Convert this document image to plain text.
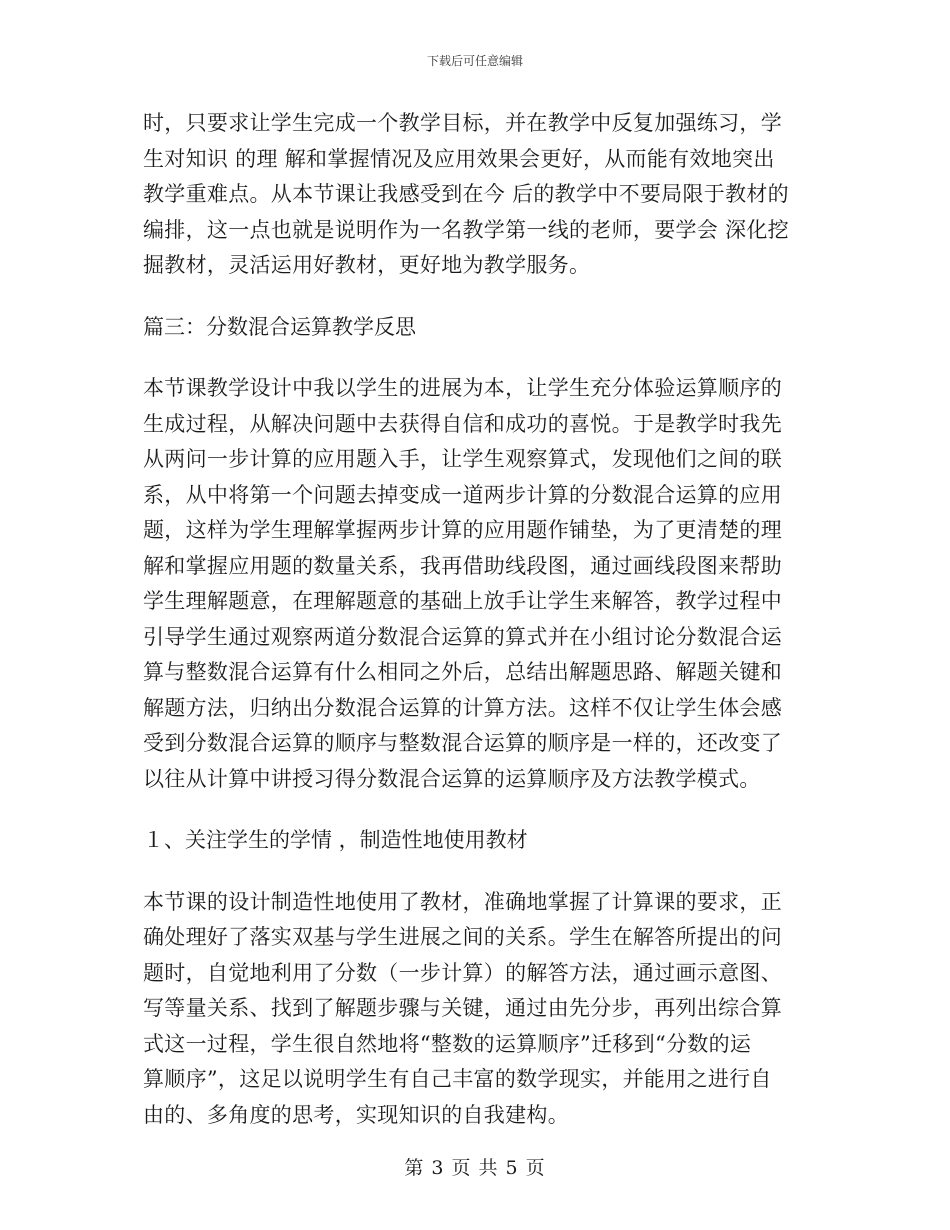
下载后可任意编辑
时，只要求让学生完成一个教学目标，并在教学中反复加强练习，学
生对知识 的理 解和掌握情况及应用效果会更好，从而能有效地突出
教学重难点。从本节课让我感受到在今 后的教学中不要局限于教材的
编排，这一点也就是说明作为一名教学第一线的老师，要学会 深化挖
掘教材，灵活运用好教材，更好地为教学服务。
篇三：分数混合运算教学反思
本节课教学设计中我以学生的进展为本，让学生充分体验运算顺序的
生成过程，从解决问题中去获得自信和成功的喜悦。于是教学时我先
从两问一步计算的应用题入手，让学生观察算式，发现他们之间的联
系，从中将第一个问题去掉变成一道两步计算的分数混合运算的应用
题，这样为学生理解掌握两步计算的应用题作铺垫，为了更清楚的理
解和掌握应用题的数量关系，我再借助线段图，通过画线段图来帮助
学生理解题意，在理解题意的基础上放手让学生来解答，教学过程中
引导学生通过观察两道分数混合运算的算式并在小组讨论分数混合运
算与整数混合运算有什么相同之外后，总结出解题思路、解题关键和
解题方法，归纳出分数混合运算的计算方法。这样不仅让学生体会感
受到分数混合运算的顺序与整数混合运算的顺序是一样的，还改变了
以往从计算中讲授习得分数混合运算的运算顺序及方法教学模式。
１、关注学生的学情 ，制造性地使用教材
本节课的设计制造性地使用了教材，准确地掌握了计算课的要求，正
确处理好了落实双基与学生进展之间的关系。学生在解答所提出的问
题时，自觉地利用了分数（一步计算）的解答方法，通过画示意图、
写等量关系、找到了解题步骤与关键，通过由先分步，再列出综合算
式这一过程，学生很自然地将“整数的运算顺序”迁移到“分数的运
算顺序”，这足以说明学生有自己丰富的数学现实，并能用之进行自
由的、多角度的思考，实现知识的自我建构。
第 3 页 共 5 页
